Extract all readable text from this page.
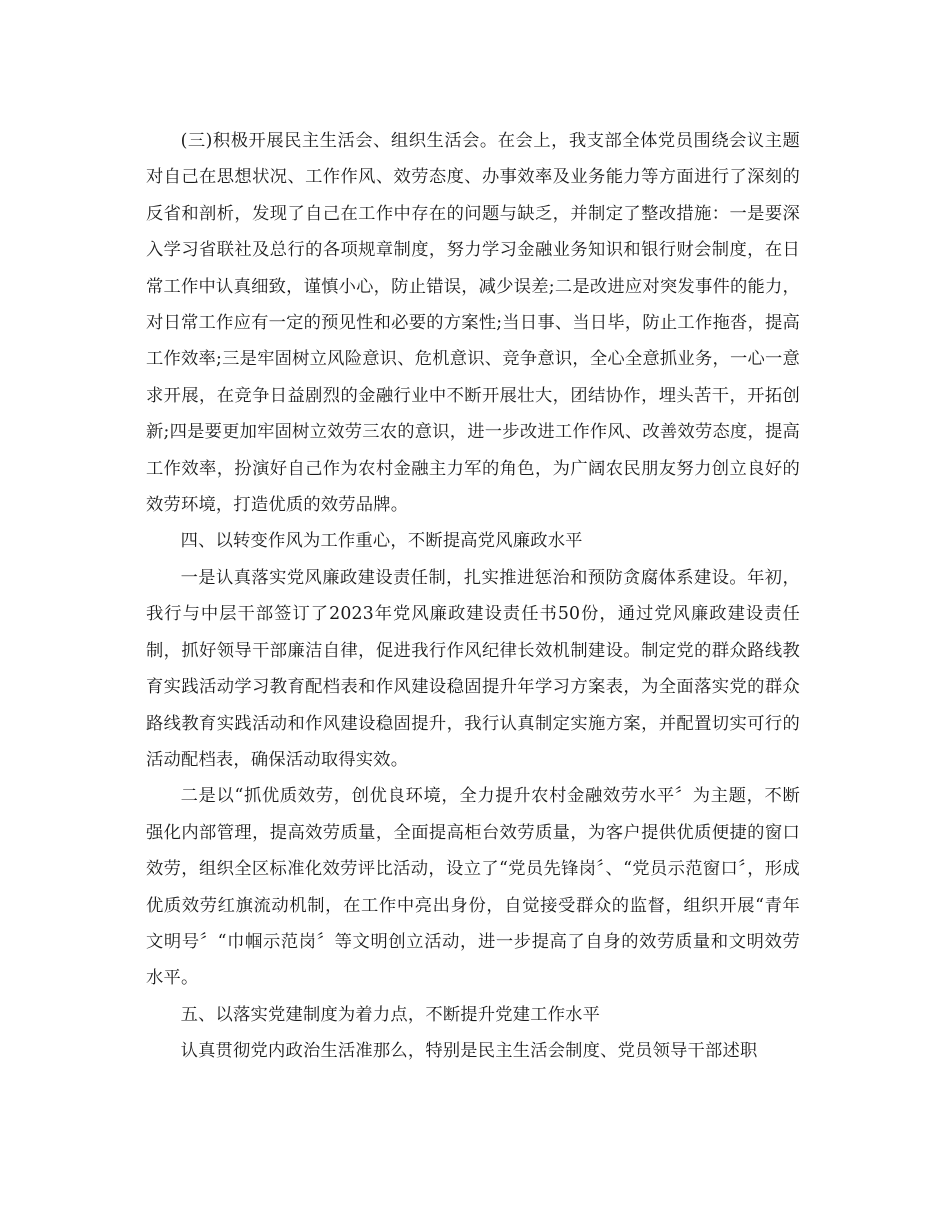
(三)积极开展民主生活会、组织生活会。在会上，我支部全体党员围绕会议主题对自己在思想状况、工作作风、效劳态度、办事效率及业务能力等方面进行了深刻的反省和剖析，发现了自己在工作中存在的问题与缺乏，并制定了整改措施：一是要深入学习省联社及总行的各项规章制度，努力学习金融业务知识和银行财会制度，在日常工作中认真细致，谨慎小心，防止错误，减少误差;二是改进应对突发事件的能力，对日常工作应有一定的预见性和必要的方案性;当日事、当日毕，防止工作拖沓，提高工作效率;三是牢固树立风险意识、危机意识、竞争意识，全心全意抓业务，一心一意求开展，在竞争日益剧烈的金融行业中不断开展壮大，团结协作，埋头苦干，开拓创新;四是要更加牢固树立效劳三农的意识，进一步改进工作作风、改善效劳态度，提高工作效率，扮演好自己作为农村金融主力军的角色，为广阔农民朋友努力创立良好的效劳环境，打造优质的效劳品牌。

四、以转变作风为工作重心，不断提高党风廉政水平

一是认真落实党风廉政建设责任制，扎实推进惩治和预防贪腐体系建设。年初，我行与中层干部签订了2023年党风廉政建设责任书50份，通过党风廉政建设责任制，抓好领导干部廉洁自律，促进我行作风纪律长效机制建设。制定党的群众路线教育实践活动学习教育配档表和作风建设稳固提升年学习方案表，为全面落实党的群众路线教育实践活动和作风建设稳固提升，我行认真制定实施方案，并配置切实可行的活动配档表，确保活动取得实效。

二是以“抓优质效劳，创优良环境，全力提升农村金融效劳水平〞为主题，不断强化内部管理，提高效劳质量，全面提高柜台效劳质量，为客户提供优质便捷的窗口效劳，组织全区标准化效劳评比活动，设立了“党员先锋岗〞、“党员示范窗口〞，形成优质效劳红旗流动机制，在工作中亮出身份，自觉接受群众的监督，组织开展“青年文明号〞“巾帼示范岗〞等文明创立活动，进一步提高了自身的效劳质量和文明效劳水平。

五、以落实党建制度为着力点，不断提升党建工作水平

认真贯彻党内政治生活准那么，特别是民主生活会制度、党员领导干部述职
